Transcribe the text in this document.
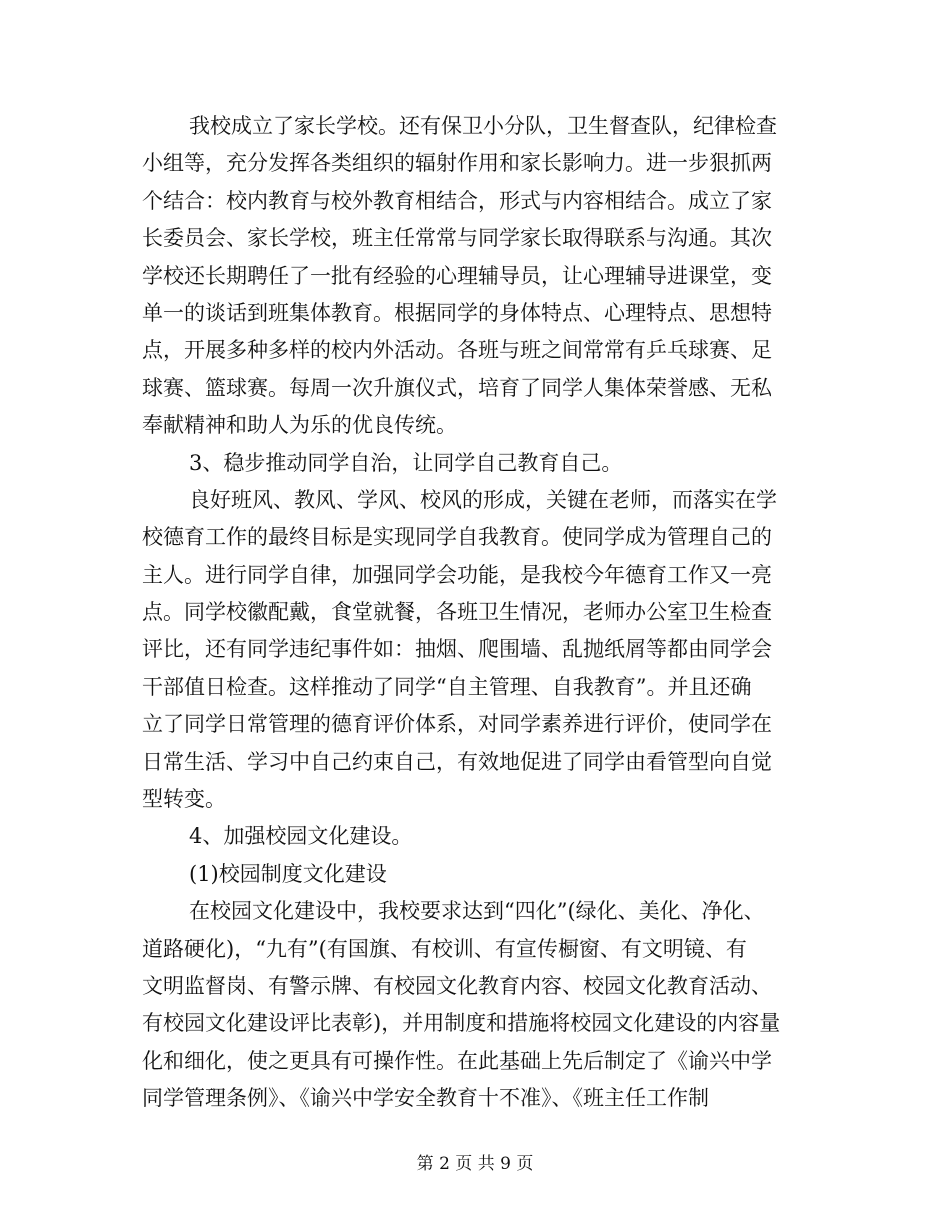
我校成立了家长学校。还有保卫小分队，卫生督查队，纪律检查
小组等，充分发挥各类组织的辐射作用和家长影响力。进一步狠抓两
个结合：校内教育与校外教育相结合，形式与内容相结合。成立了家
长委员会、家长学校，班主任常常与同学家长取得联系与沟通。其次
学校还长期聘任了一批有经验的心理辅导员，让心理辅导进课堂，变
单一的谈话到班集体教育。根据同学的身体特点、心理特点、思想特
点，开展多种多样的校内外活动。各班与班之间常常有乒乓球赛、足
球赛、篮球赛。每周一次升旗仪式，培育了同学人集体荣誉感、无私
奉献精神和助人为乐的优良传统。
3、稳步推动同学自治，让同学自己教育自己。
良好班风、教风、学风、校风的形成，关键在老师，而落实在学
校德育工作的最终目标是实现同学自我教育。使同学成为管理自己的
主人。进行同学自律，加强同学会功能，是我校今年德育工作又一亮
点。同学校徽配戴，食堂就餐，各班卫生情况，老师办公室卫生检查
评比，还有同学违纪事件如：抽烟、爬围墙、乱抛纸屑等都由同学会
干部值日检查。这样推动了同学“自主管理、自我教育”。并且还确
立了同学日常管理的德育评价体系，对同学素养进行评价，使同学在
日常生活、学习中自己约束自己，有效地促进了同学由看管型向自觉
型转变。
4、加强校园文化建设。
(1)校园制度文化建设
在校园文化建设中，我校要求达到“四化”(绿化、美化、净化、
道路硬化)，“九有”(有国旗、有校训、有宣传橱窗、有文明镜、有
文明监督岗、有警示牌、有校园文化教育内容、校园文化教育活动、
有校园文化建设评比表彰)，并用制度和措施将校园文化建设的内容量
化和细化，使之更具有可操作性。在此基础上先后制定了《谕兴中学
同学管理条例》、《谕兴中学安全教育十不准》、《班主任工作制
第 2 页 共 9 页
